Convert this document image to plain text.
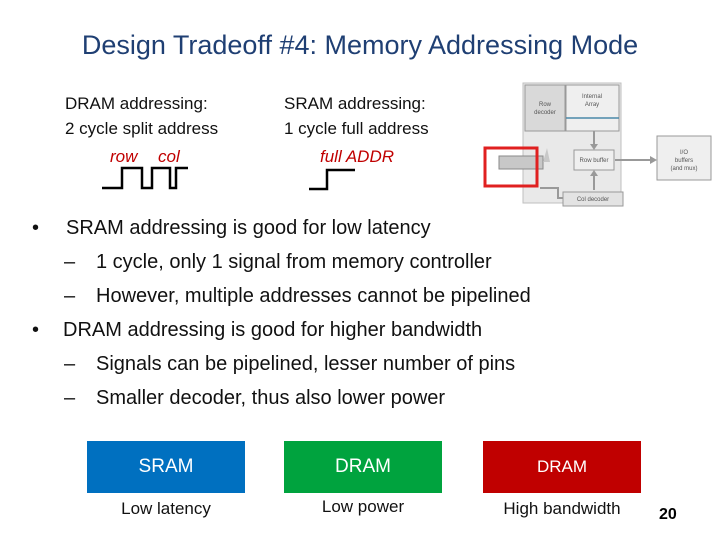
Design Tradeoff #4: Memory Addressing Mode
DRAM addressing:
2 cycle split address
row col
SRAM addressing:
1 cycle full address
full ADDR
Row decoder
Internal Array
Row buffer
Col decoder
I/O buffers (and mux)
• SRAM addressing is good for low latency
– 1 cycle, only 1 signal from memory controller
– However, multiple addresses cannot be pipelined
• DRAM addressing is good for higher bandwidth
– Signals can be pipelined, lesser number of pins
– Smaller decoder, thus also lower power
SRAM
Low latency
DRAM
Low power
DRAM
High bandwidth	20
